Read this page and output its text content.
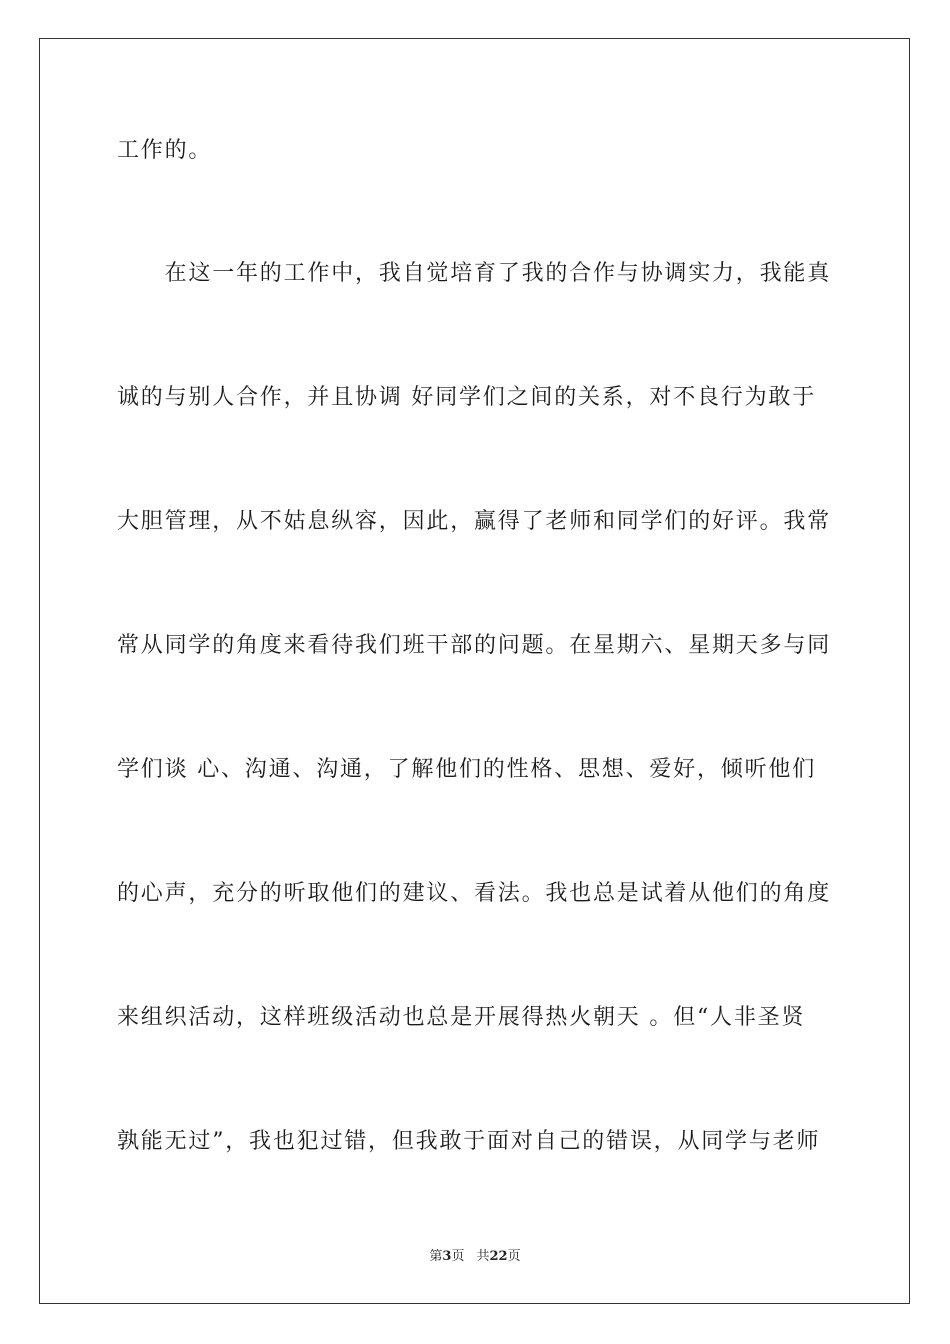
工作的。
　　在这一年的工作中，我自觉培育了我的合作与协调实力，我能真
诚的与别人合作，并且协调 好同学们之间的关系，对不良行为敢于
大胆管理，从不姑息纵容，因此，赢得了老师和同学们的好评。我常
常从同学的角度来看待我们班干部的问题。在星期六、星期天多与同
学们谈 心、沟通、沟通，了解他们的性格、思想、爱好，倾听他们
的心声，充分的听取他们的建议、看法。我也总是试着从他们的角度
来组织活动，这样班级活动也总是开展得热火朝天 。但“人非圣贤
孰能无过”，我也犯过错，但我敢于面对自己的错误，从同学与老师
第3页 共22页
